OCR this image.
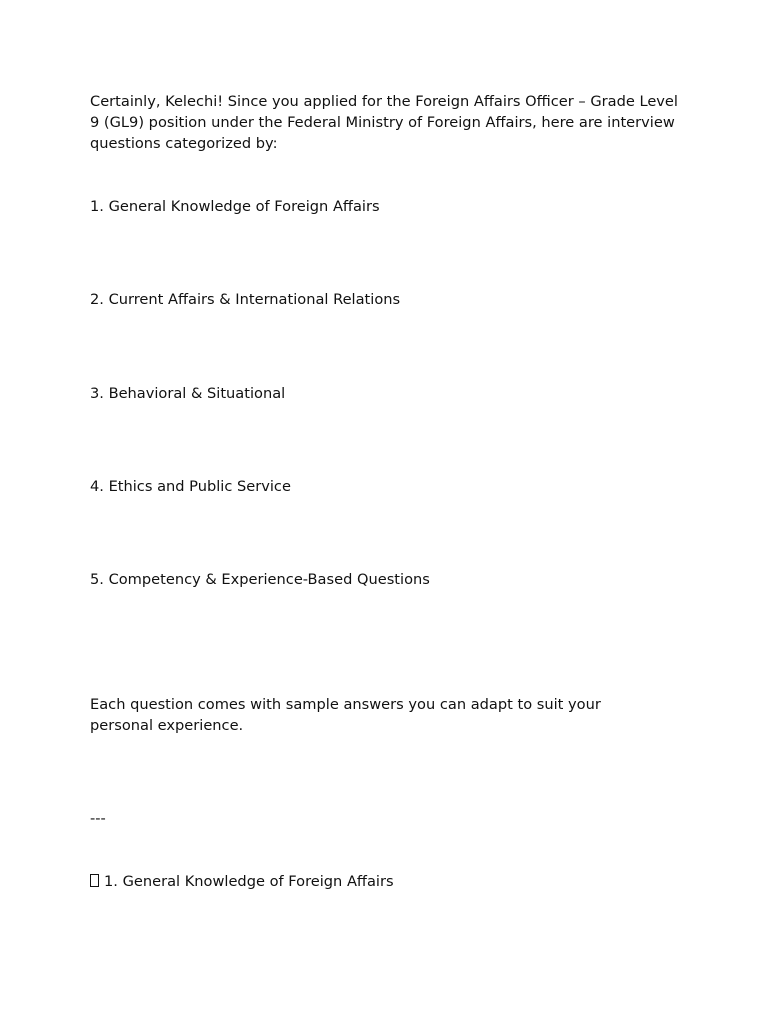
Certainly, Kelechi! Since you applied for the Foreign Affairs Officer – Grade Level 9 (GL9) position under the Federal Ministry of Foreign Affairs, here are interview questions categorized by:

1. General Knowledge of Foreign Affairs

2. Current Affairs & International Relations

3. Behavioral & Situational

4. Ethics and Public Service

5. Competency & Experience-Based Questions

Each question comes with sample answers you can adapt to suit your personal experience.

---

1. General Knowledge of Foreign Affairs
